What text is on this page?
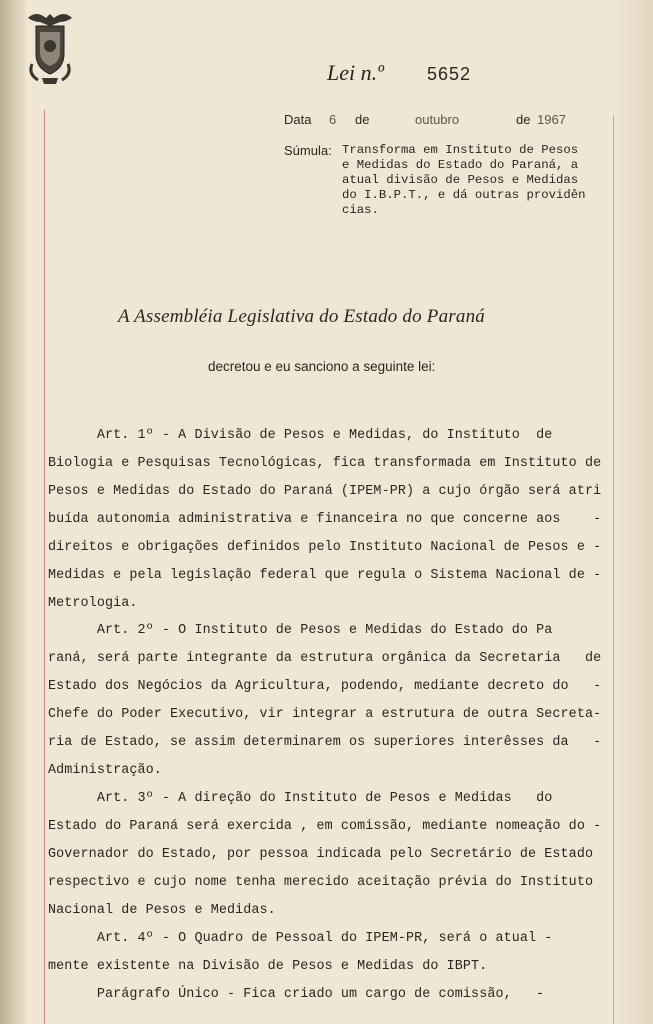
Lei n.º 5652
Data 6 de	outubro	de 1967
Súmula: Transforma em Instituto de Pesos
e Medidas do Estado do Paraná, a
atual divisão de Pesos e Medidas
do I.B.P.T., e dá outras providên
cias.
A Assembléia Legislativa do Estado do Paraná
decretou e eu sanciono a seguinte lei:
Art. 1º - A Divisão de Pesos e Medidas, do Instituto  de
Biologia e Pesquisas Tecnológicas, fica transformada em Instituto de
Pesos e Medidas do Estado do Paraná (IPEM-PR) a cujo órgão será atri
buída autonomia administrativa e financeira no que concerne aos    -
direitos e obrigações definidos pelo Instituto Nacional de Pesos e -
Medidas e pela legislação federal que regula o Sistema Nacional de -
Metrologia.
Art. 2º - O Instituto de Pesos e Medidas do Estado do Pa
raná, será parte integrante da estrutura orgânica da Secretaria   de
Estado dos Negócios da Agricultura, podendo, mediante decreto do   -
Chefe do Poder Executivo, vir integrar a estrutura de outra Secreta-
ria de Estado, se assim determinarem os superiores interêsses da   -
Administração.
Art. 3º - A direção do Instituto de Pesos e Medidas   do
Estado do Paraná será exercida , em comissão, mediante nomeação do -
Governador do Estado, por pessoa indicada pelo Secretário de Estado
respectivo e cujo nome tenha merecido aceitação prévia do Instituto
Nacional de Pesos e Medidas.
Art. 4º - O Quadro de Pessoal do IPEM-PR, será o atual -
mente existente na Divisão de Pesos e Medidas do IBPT.
Parágrafo Único - Fica criado um cargo de comissão,   -
